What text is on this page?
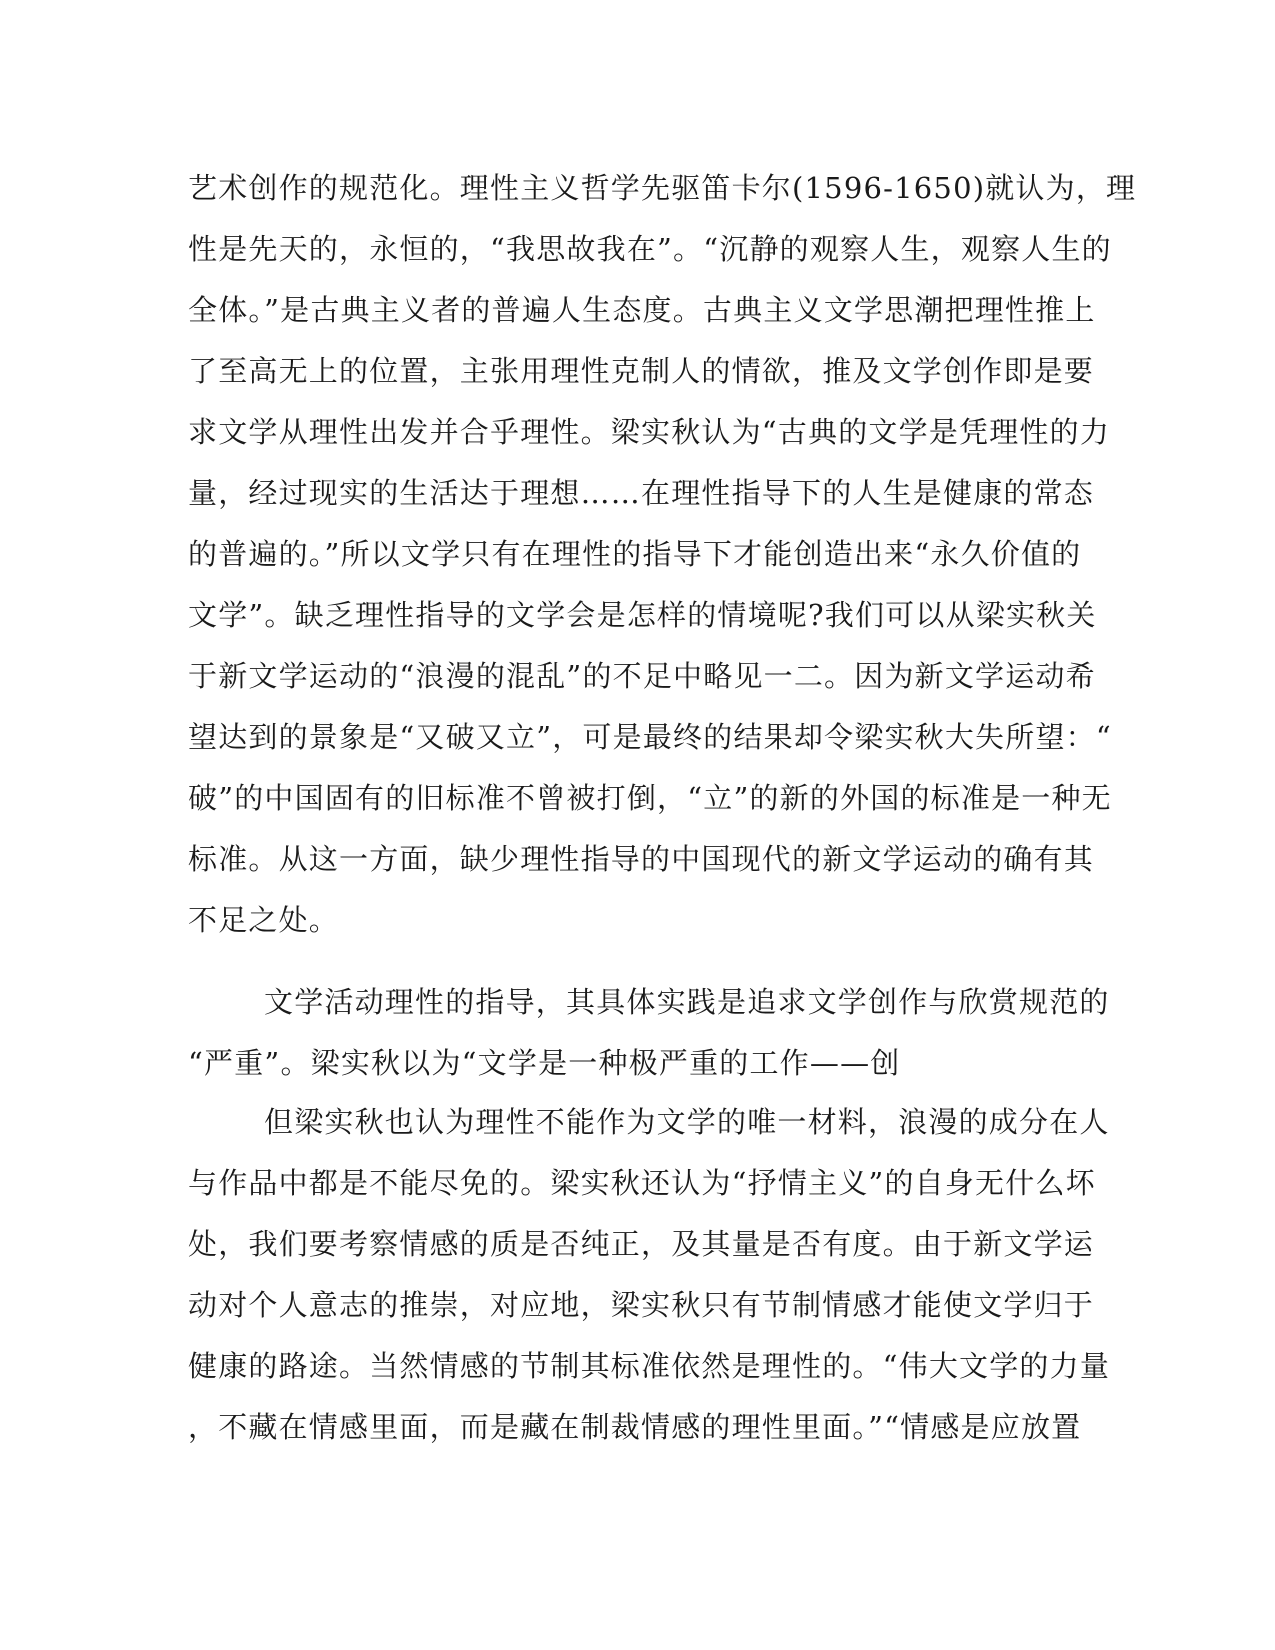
艺术创作的规范化。理性主义哲学先驱笛卡尔(1596-1650)就认为，理
性是先天的，永恒的，“我思故我在”。“沉静的观察人生，观察人生的
全体。”是古典主义者的普遍人生态度。古典主义文学思潮把理性推上
了至高无上的位置，主张用理性克制人的情欲，推及文学创作即是要
求文学从理性出发并合乎理性。梁实秋认为“古典的文学是凭理性的力
量，经过现实的生活达于理想……在理性指导下的人生是健康的常态
的普遍的。”所以文学只有在理性的指导下才能创造出来“永久价值的
文学”。缺乏理性指导的文学会是怎样的情境呢?我们可以从梁实秋关
于新文学运动的“浪漫的混乱”的不足中略见一二。因为新文学运动希
望达到的景象是“又破又立”，可是最终的结果却令梁实秋大失所望：“
破”的中国固有的旧标准不曾被打倒，“立”的新的外国的标准是一种无
标准。从这一方面，缺少理性指导的中国现代的新文学运动的确有其
不足之处。
文学活动理性的指导，其具体实践是追求文学创作与欣赏规范的
“严重”。梁实秋以为“文学是一种极严重的工作——创
但梁实秋也认为理性不能作为文学的唯一材料，浪漫的成分在人
与作品中都是不能尽免的。梁实秋还认为“抒情主义”的自身无什么坏
处，我们要考察情感的质是否纯正，及其量是否有度。由于新文学运
动对个人意志的推崇，对应地，梁实秋只有节制情感才能使文学归于
健康的路途。当然情感的节制其标准依然是理性的。“伟大文学的力量
，不藏在情感里面，而是藏在制裁情感的理性里面。”“情感是应放置
